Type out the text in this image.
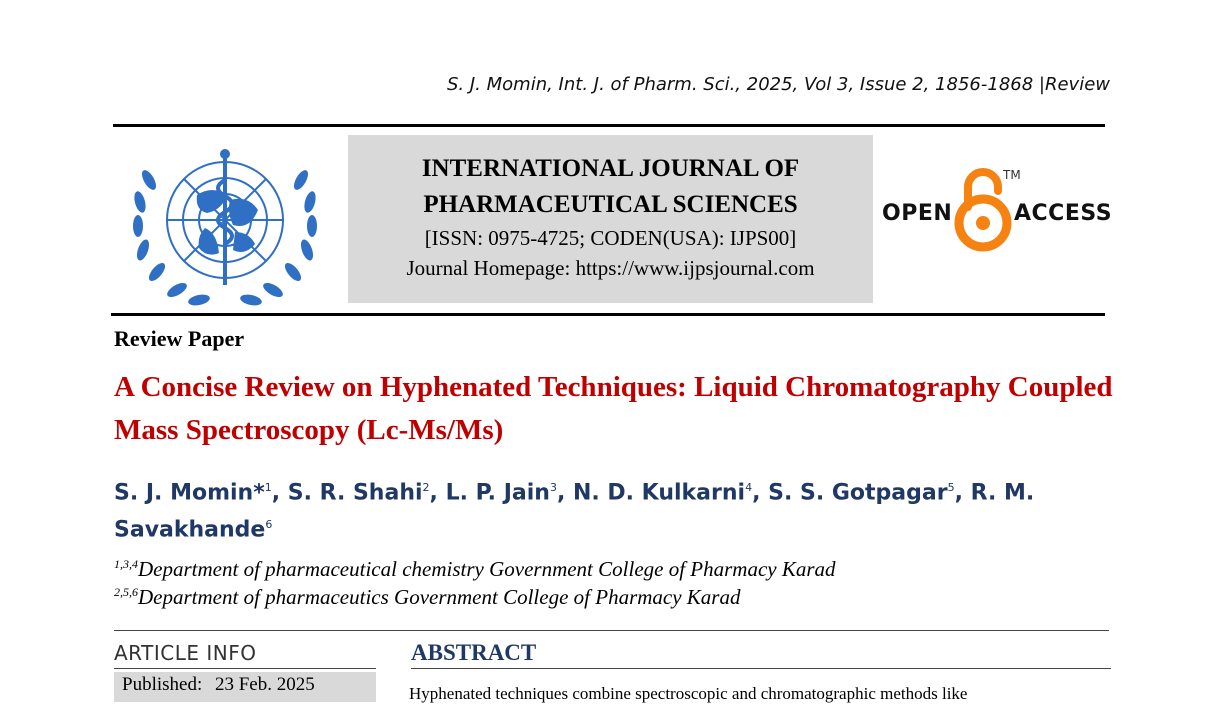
S. J. Momin, Int. J. of Pharm. Sci., 2025, Vol 3, Issue 2, 1856-1868 |Review
INTERNATIONAL JOURNAL OF
PHARMACEUTICAL SCIENCES
[ISSN: 0975-4725; CODEN(USA): IJPS00]
Journal Homepage: https://www.ijpsjournal.com
OPEN
TM
ACCESS
Review Paper
A Concise Review on Hyphenated Techniques: Liquid Chromatography Coupled Mass Spectroscopy (Lc-Ms/Ms)
S. J. Momin*$^1$, S. R. Shahi$^2$, L. P. Jain$^3$, N. D. Kulkarni$^4$, S. S. Gotpagar$^5$, R. M. Savakhande$^6$
$^{1,3,4}$Department of pharmaceutical chemistry Government College of Pharmacy Karad
$^{2,5,6}$Department of pharmaceutics Government College of Pharmacy Karad
ARTICLE INFO	ABSTRACT
Published: 23 Feb. 2025	Hyphenated techniques combine spectroscopic and chromatographic methods like
